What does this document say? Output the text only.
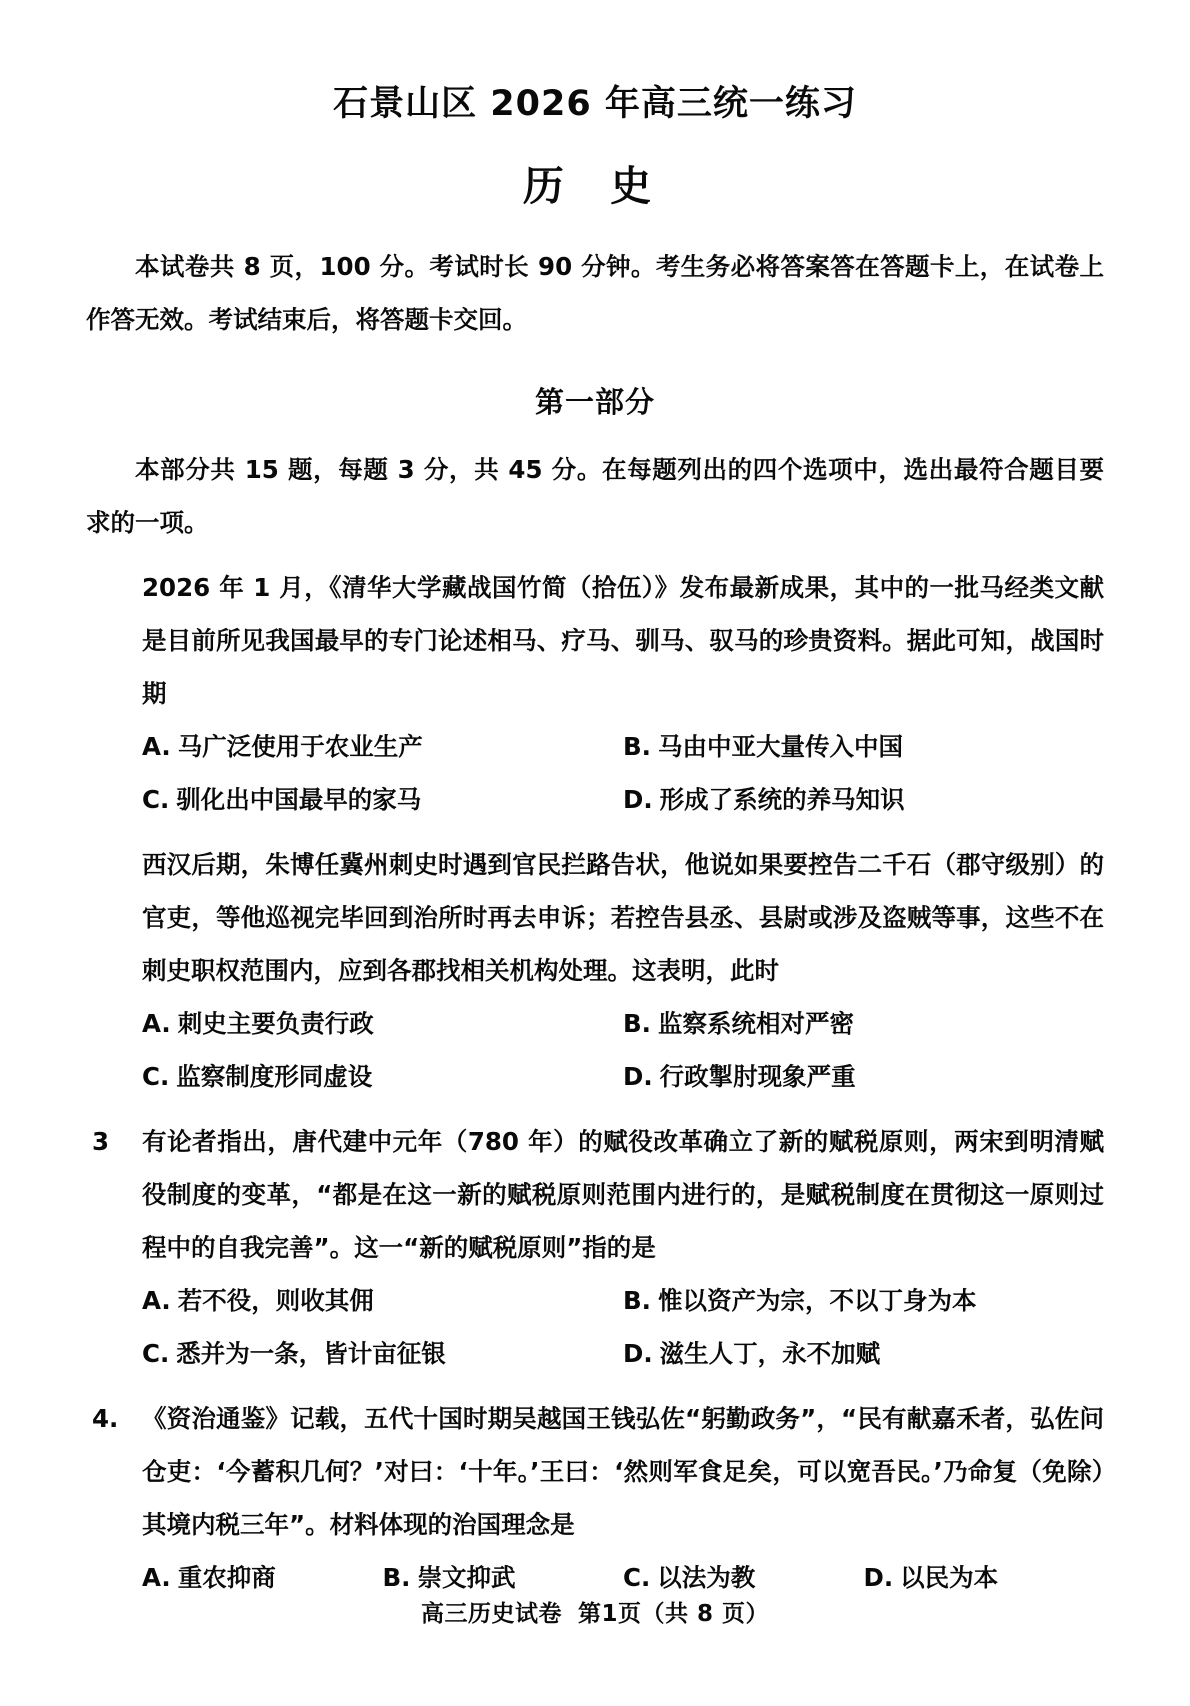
石景山区 2026 年高三统一练习
历 史

本试卷共 8 页，100 分。考试时长 90 分钟。考生务必将答案答在答题卡上，在试卷上作答无效。考试结束后，将答题卡交回。

第一部分

本部分共 15 题，每题 3 分，共 45 分。在每题列出的四个选项中，选出最符合题目要求的一项。

2026 年 1 月，《清华大学藏战国竹简（拾伍）》发布最新成果，其中的一批马经类文献是目前所见我国最早的专门论述相马、疗马、驯马、驭马的珍贵资料。据此可知，战国时期

A. 马广泛使用于农业生产	B. 马由中亚大量传入中国
C. 驯化出中国最早的家马	D. 形成了系统的养马知识

西汉后期，朱博任冀州刺史时遇到官民拦路告状，他说如果要控告二千石（郡守级别）的官吏，等他巡视完毕回到治所时再去申诉；若控告县丞、县尉或涉及盗贼等事，这些不在刺史职权范围内，应到各郡找相关机构处理。这表明，此时

A. 刺史主要负责行政	B. 监察系统相对严密
C. 监察制度形同虚设	D. 行政掣肘现象严重
3	有论者指出，唐代建中元年（780 年）的赋役改革确立了新的赋税原则，两宋到明清赋役制度的变革，“都是在这一新的赋税原则范围内进行的，是赋税制度在贯彻这一原则过程中的自我完善”。这一“新的赋税原则”指的是

A. 若不役，则收其佣	B. 惟以资产为宗，不以丁身为本
C. 悉并为一条，皆计亩征银	D. 滋生人丁，永不加赋
4. 《资治通鉴》记载，五代十国时期吴越国王钱弘佐“躬勤政务”，“民有献嘉禾者，弘佐问仓吏：‘今蓄积几何？’对曰：‘十年。’王曰：‘然则军食足矣，可以宽吾民。’乃命复（免除）其境内税三年”。材料体现的治国理念是

A. 重农抑商	B. 崇文抑武	C. 以法为教	D. 以民为本
高三历史试卷 第1页（共 8 页）
